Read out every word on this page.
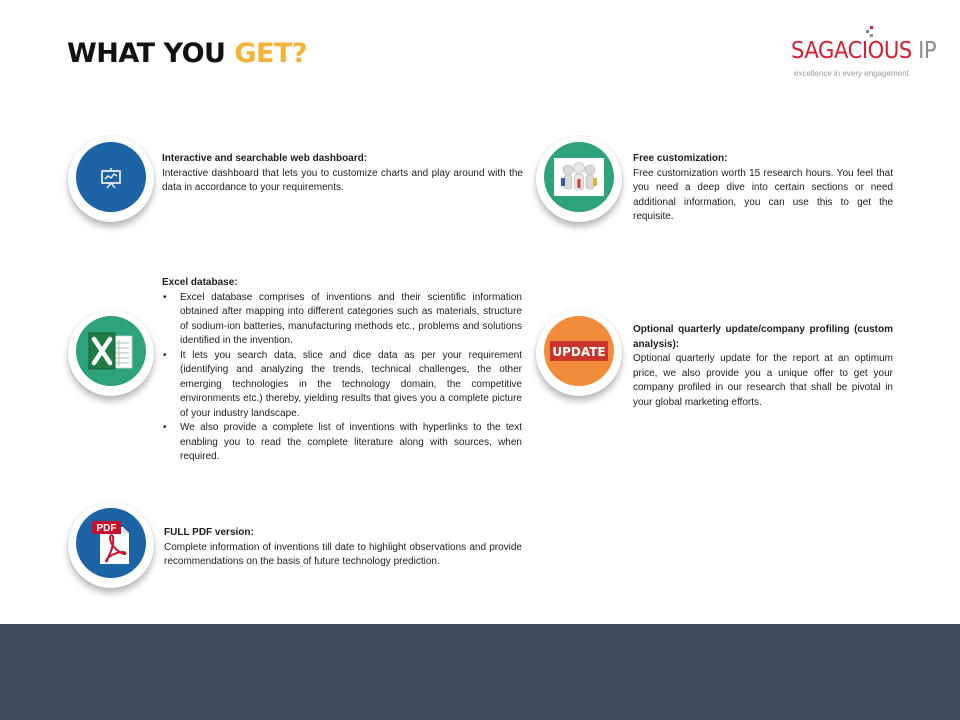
WHAT YOU GET?	SAGACIOUS IP
excellence in every engagement
Interactive and searchable web dashboard:
Interactive dashboard that lets you to customize charts and play around with the data in accordance to your requirements.
Excel database:
• Excel database comprises of inventions and their scientific information obtained after mapping into different categories such as materials, structure of sodium-ion batteries, manufacturing methods etc., problems and solutions identified in the invention.
• It lets you search data, slice and dice data as per your requirement (identifying and analyzing the trends, technical challenges, the other emerging technologies in the technology domain, the competitive environments etc.) thereby, yielding results that gives you a complete picture of your industry landscape.
• We also provide a complete list of inventions with hyperlinks to the text enabling you to read the complete literature along with sources, when required.
PDF	FULL PDF version:
Complete information of inventions till date to highlight observations and provide recommendations on the basis of future technology prediction.
Free customization:
Free customization worth 15 research hours. You feel that you need a deep dive into certain sections or need additional information, you can use this to get the requisite.
UPDATE
Optional quarterly update/company profiling (custom analysis):
Optional quarterly update for the report at an optimum price, we also provide you a unique offer to get your company profiled in our research that shall be pivotal in your global marketing efforts.
